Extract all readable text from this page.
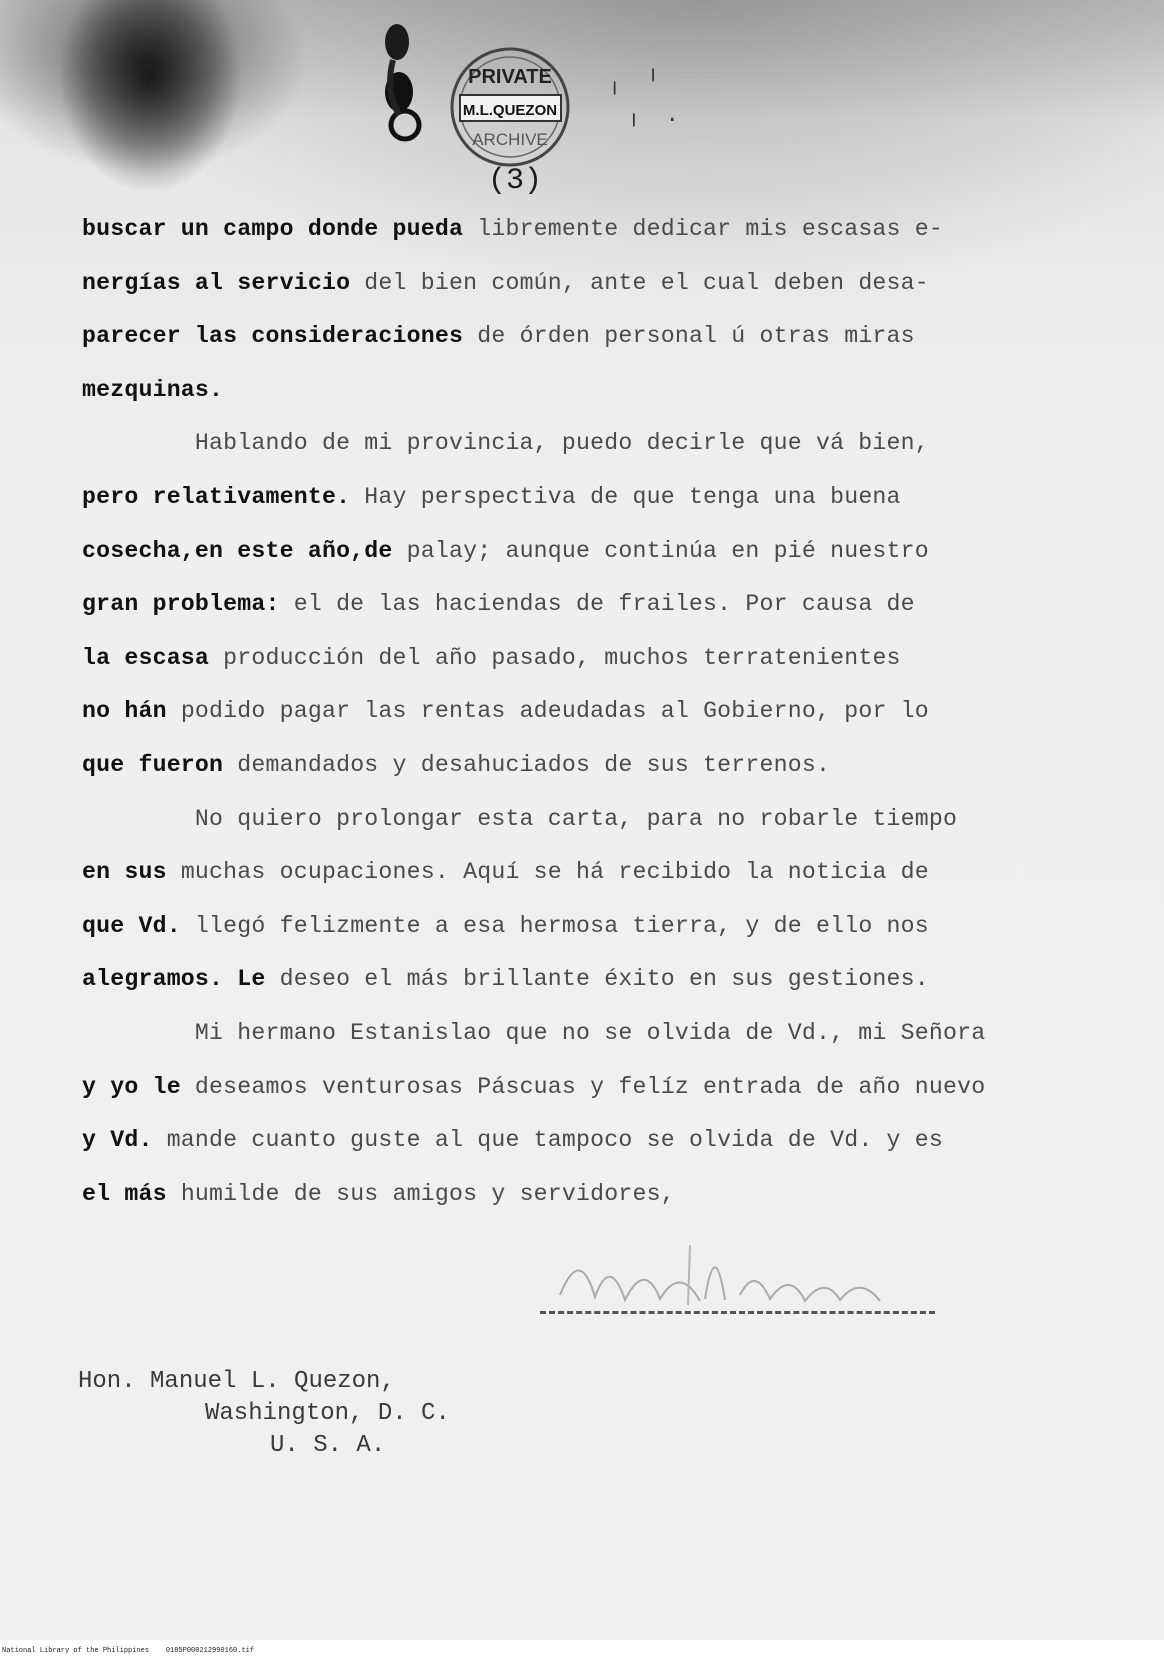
PRIVATE
M.L.QUEZON
ARCHIVE
╷ ╵
╷ .
(3)
buscar un campo donde pueda libremente dedicar mis escasas e-
nergías al servicio del bien común, ante el cual deben desa-
parecer las consideraciones de órden personal ú otras miras
mezquinas.
Hablando de mi provincia, puedo decirle que vá bien,
pero relativamente. Hay perspectiva de que tenga una buena
cosecha,en este año,de palay; aunque continúa en pié nuestro
gran problema: el de las haciendas de frailes. Por causa de
la escasa producción del año pasado, muchos terratenientes
no hán podido pagar las rentas adeudadas al Gobierno, por lo
que fueron demandados y desahuciados de sus terrenos.
No quiero prolongar esta carta, para no robarle tiempo
en sus muchas ocupaciones. Aquí se há recibido la noticia de
que Vd. llegó felizmente a esa hermosa tierra, y de ello nos
alegramos. Le deseo el más brillante éxito en sus gestiones.
Mi hermano Estanislao que no se olvida de Vd., mi Señora
y yo le deseamos venturosas Páscuas y felíz entrada de año nuevo
y Vd. mande cuanto guste al que tampoco se olvida de Vd. y es
el más humilde de sus amigos y servidores,
Hon. Manuel L. Quezon,
Washington, D. C.
U. S. A.
National Library of the Philippines    0185P000212990160.tif
